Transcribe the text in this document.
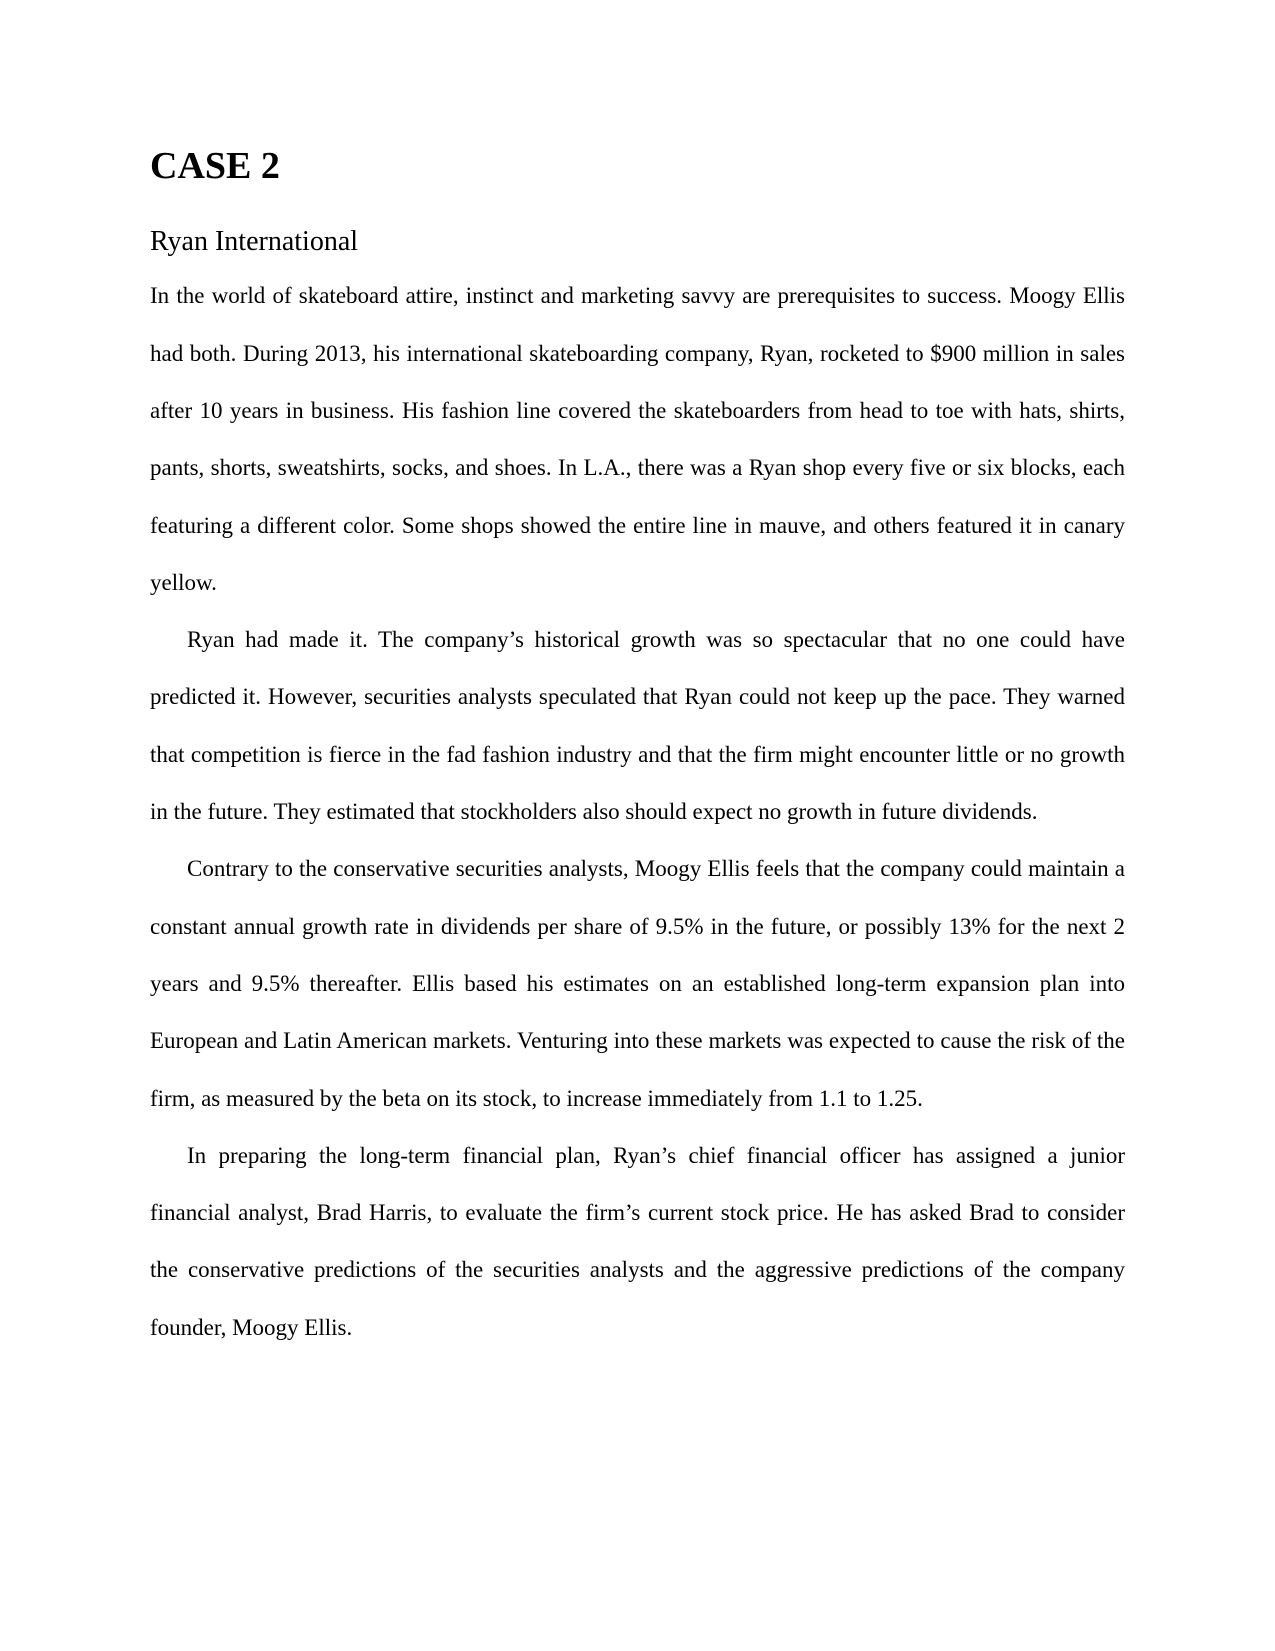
CASE 2
Ryan International

In the world of skateboard attire, instinct and marketing savvy are prerequisites to success. Moogy Ellis had both. During 2013, his international skateboarding company, Ryan, rocketed to $900 million in sales after 10 years in business. His fashion line covered the skateboarders from head to toe with hats, shirts, pants, shorts, sweatshirts, socks, and shoes. In L.A., there was a Ryan shop every five or six blocks, each featuring a different color. Some shops showed the entire line in mauve, and others featured it in canary yellow.

Ryan had made it. The company’s historical growth was so spectacular that no one could have predicted it. However, securities analysts speculated that Ryan could not keep up the pace. They warned that competition is fierce in the fad fashion industry and that the firm might encounter little or no growth in the future. They estimated that stockholders also should expect no growth in future dividends.

Contrary to the conservative securities analysts, Moogy Ellis feels that the company could maintain a constant annual growth rate in dividends per share of 9.5% in the future, or possibly 13% for the next 2 years and 9.5% thereafter. Ellis based his estimates on an established long-term expansion plan into European and Latin American markets. Venturing into these markets was expected to cause the risk of the firm, as measured by the beta on its stock, to increase immediately from 1.1 to 1.25.

In preparing the long-term financial plan, Ryan’s chief financial officer has assigned a junior financial analyst, Brad Harris, to evaluate the firm’s current stock price. He has asked Brad to consider the conservative predictions of the securities analysts and the aggressive predictions of the company founder, Moogy Ellis.
